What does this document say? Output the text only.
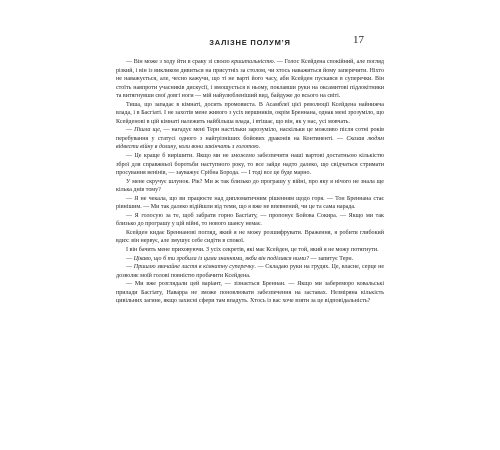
ЗАЛІЗНЕ ПОЛУМ’Я	17

— Він може з ходу йти в сраку зі своєю криштальністю. — Голос Ксейдена спокійний, але погляд різкий, і він із викликом дивиться на присутніх за столом, чи хтось наважиться йому заперечити. Ніхто не наважується, але, чесно кажучи, що ті не варті його часу, аби Ксейден пускався в суперечки. Він стоїть навпроти учасників дискусії, і вмощується в ньому, поклавши руки на оксамитові підлокітники та витягнувши свої довгі ноги — мій найулюбленіший вид, байдуже до всього на світі.

Тиша, що западає в кімнаті, досить промовиста. В Асамблеї цієї революції Ксейдена найнижча влада, і в Басгіаті. І не захотів мене живого з усіх вершників, окрім Бреннана, однак мені зрозуміло, що Ксейденові в цій кімнаті належить найбільша влада, і втішає, що він, як у нас, усі мовчать.

— Пішла ще, — нагадує мені Терн настільки зарозуміло, наскільки це можливо після сотні років перебування у статусі одного з найгрізніших бойових драконів на Континенті. — Сказав людям відвести війну в долину, коли вони закінчать з голотою.

— Це краще б вирішити. Якщо ми не зможемо забезпечити наші вартові достатньою кількістю зброї для справжньої боротьби наступного року, то все зайде надто далеко, що свідчаться стримати просування венінів, — зауважує Срібна Борода. — І тоді все це буде марно.

У мене скручує шлунок. Рік? Ми ж так близько до програшу у війні, про яку я нічого не знала ще кілька днів тому?

— Я не чекала, що ви працюєте над дипломатичним рішенням щодо горя. — Тон Бреннана стає рівнішим. — Ми так далеко відійшли від теми, що я вже не впевнений, чи це та сама нарада.

— Я голосую за те, щоб забрати горно Басгіату, — пропонує Бойова Сокира. — Якщо ми так близько до програшу у цій війні, то нового шансу немає.

Ксейден кидає Бреннанові погляд, який я не можу розшифрувати. Враження, я робити глибокий вдих: він нервує, але змушує себе сидіти в спокої.

І він бачить мене приховуючи. З усіх секретів, які має Ксейден, це той, який я не можу потягнути.

— Цікаво, що б ти зробила із цими знаннями, якби він поділився ними? — запитує Терн.

— Пришлю звичайне листя в кімнатну суперечку. — Складаю руки на грудях. Це, власне, серце не дозволяє моїй голові повністю пробачити Ксейдена.

— Ми вже розглядали цей варіант, — зізнається Бреннан. — Якщо ми забереморо ковальські прилади Басгіату, Наварра не зможе поновлювати забезпечення на заставах. Незміряна кількість цивільних загине, якщо захисні сфери там впадуть. Хтось із вас хоче взяти за це відповідальність?
